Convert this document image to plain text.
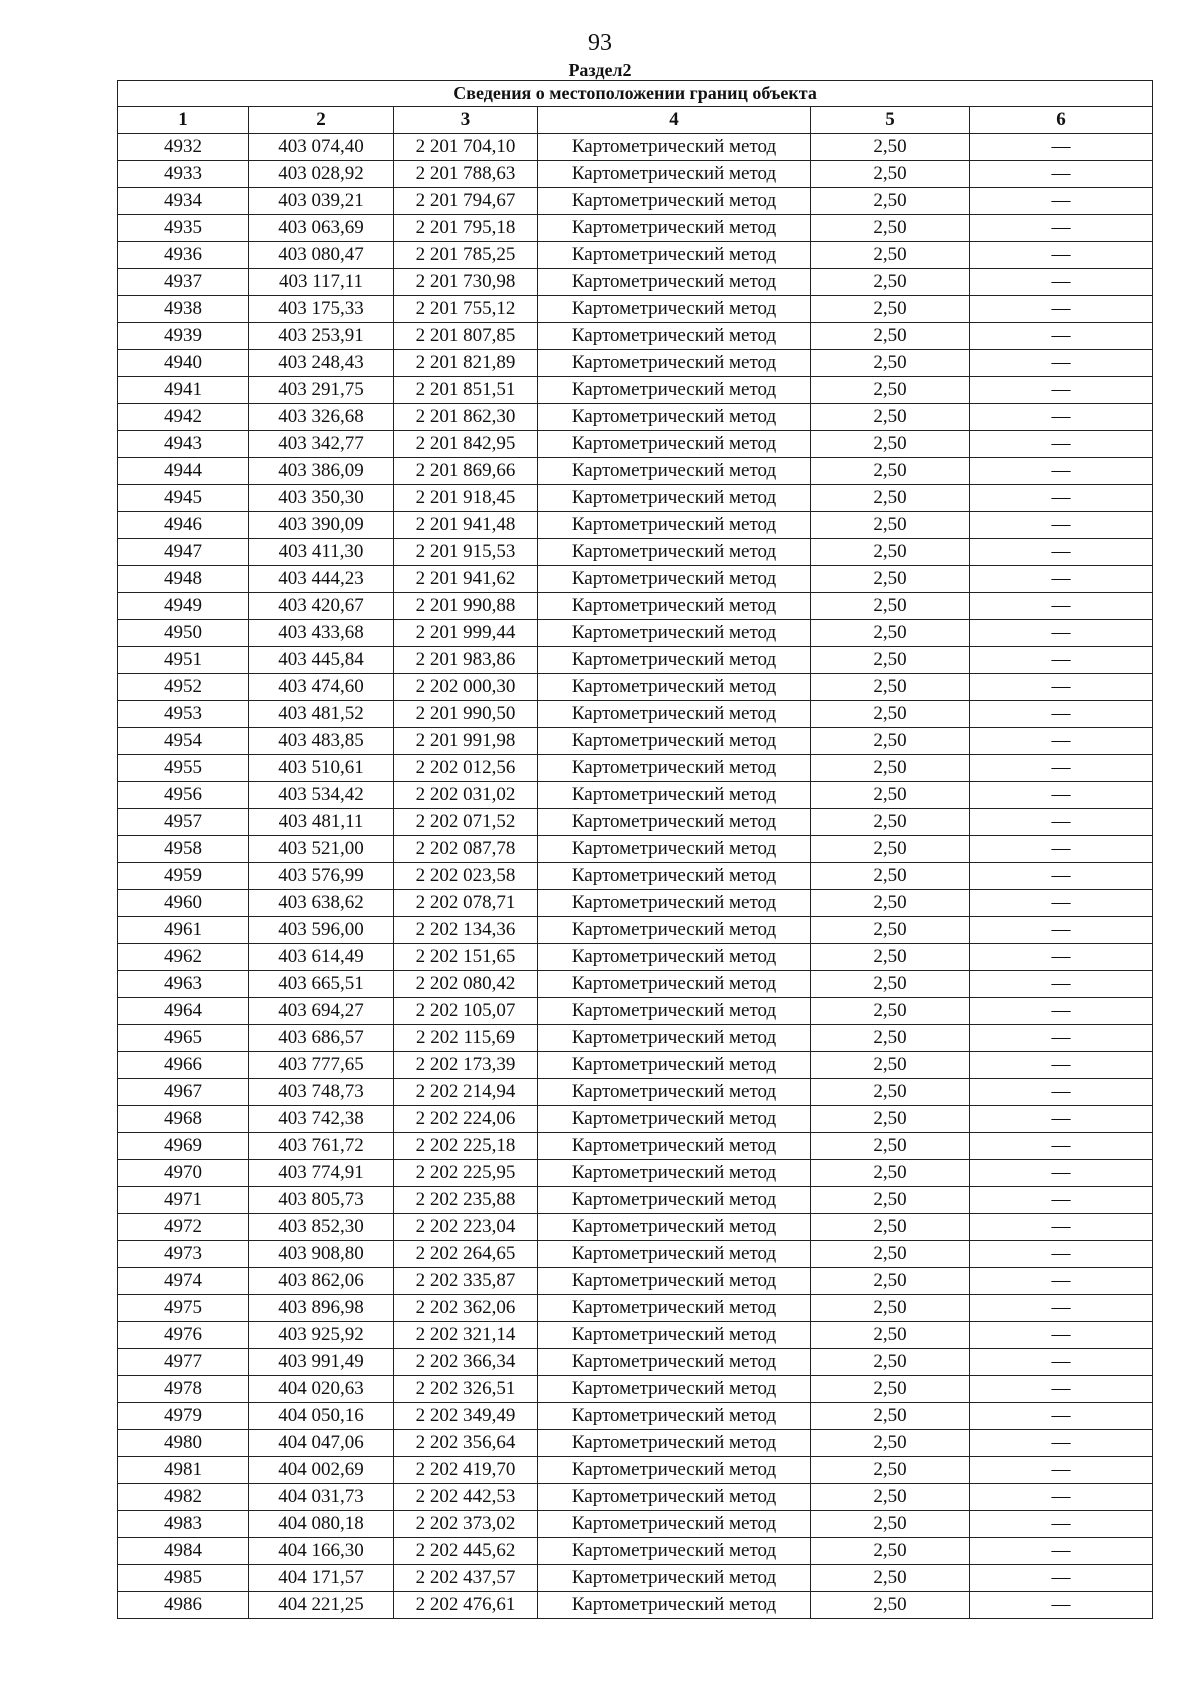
93
Раздел2
Сведения о местоположении границ объекта					
1	2	3	4	5	6
4932	403 074,40	2 201 704,10	Картометрический метод	2,50	—
4933	403 028,92	2 201 788,63	Картометрический метод	2,50	—
4934	403 039,21	2 201 794,67	Картометрический метод	2,50	—
4935	403 063,69	2 201 795,18	Картометрический метод	2,50	—
4936	403 080,47	2 201 785,25	Картометрический метод	2,50	—
4937	403 117,11	2 201 730,98	Картометрический метод	2,50	—
4938	403 175,33	2 201 755,12	Картометрический метод	2,50	—
4939	403 253,91	2 201 807,85	Картометрический метод	2,50	—
4940	403 248,43	2 201 821,89	Картометрический метод	2,50	—
4941	403 291,75	2 201 851,51	Картометрический метод	2,50	—
4942	403 326,68	2 201 862,30	Картометрический метод	2,50	—
4943	403 342,77	2 201 842,95	Картометрический метод	2,50	—
4944	403 386,09	2 201 869,66	Картометрический метод	2,50	—
4945	403 350,30	2 201 918,45	Картометрический метод	2,50	—
4946	403 390,09	2 201 941,48	Картометрический метод	2,50	—
4947	403 411,30	2 201 915,53	Картометрический метод	2,50	—
4948	403 444,23	2 201 941,62	Картометрический метод	2,50	—
4949	403 420,67	2 201 990,88	Картометрический метод	2,50	—
4950	403 433,68	2 201 999,44	Картометрический метод	2,50	—
4951	403 445,84	2 201 983,86	Картометрический метод	2,50	—
4952	403 474,60	2 202 000,30	Картометрический метод	2,50	—
4953	403 481,52	2 201 990,50	Картометрический метод	2,50	—
4954	403 483,85	2 201 991,98	Картометрический метод	2,50	—
4955	403 510,61	2 202 012,56	Картометрический метод	2,50	—
4956	403 534,42	2 202 031,02	Картометрический метод	2,50	—
4957	403 481,11	2 202 071,52	Картометрический метод	2,50	—
4958	403 521,00	2 202 087,78	Картометрический метод	2,50	—
4959	403 576,99	2 202 023,58	Картометрический метод	2,50	—
4960	403 638,62	2 202 078,71	Картометрический метод	2,50	—
4961	403 596,00	2 202 134,36	Картометрический метод	2,50	—
4962	403 614,49	2 202 151,65	Картометрический метод	2,50	—
4963	403 665,51	2 202 080,42	Картометрический метод	2,50	—
4964	403 694,27	2 202 105,07	Картометрический метод	2,50	—
4965	403 686,57	2 202 115,69	Картометрический метод	2,50	—
4966	403 777,65	2 202 173,39	Картометрический метод	2,50	—
4967	403 748,73	2 202 214,94	Картометрический метод	2,50	—
4968	403 742,38	2 202 224,06	Картометрический метод	2,50	—
4969	403 761,72	2 202 225,18	Картометрический метод	2,50	—
4970	403 774,91	2 202 225,95	Картометрический метод	2,50	—
4971	403 805,73	2 202 235,88	Картометрический метод	2,50	—
4972	403 852,30	2 202 223,04	Картометрический метод	2,50	—
4973	403 908,80	2 202 264,65	Картометрический метод	2,50	—
4974	403 862,06	2 202 335,87	Картометрический метод	2,50	—
4975	403 896,98	2 202 362,06	Картометрический метод	2,50	—
4976	403 925,92	2 202 321,14	Картометрический метод	2,50	—
4977	403 991,49	2 202 366,34	Картометрический метод	2,50	—
4978	404 020,63	2 202 326,51	Картометрический метод	2,50	—
4979	404 050,16	2 202 349,49	Картометрический метод	2,50	—
4980	404 047,06	2 202 356,64	Картометрический метод	2,50	—
4981	404 002,69	2 202 419,70	Картометрический метод	2,50	—
4982	404 031,73	2 202 442,53	Картометрический метод	2,50	—
4983	404 080,18	2 202 373,02	Картометрический метод	2,50	—
4984	404 166,30	2 202 445,62	Картометрический метод	2,50	—
4985	404 171,57	2 202 437,57	Картометрический метод	2,50	—
4986	404 221,25	2 202 476,61	Картометрический метод	2,50	—
